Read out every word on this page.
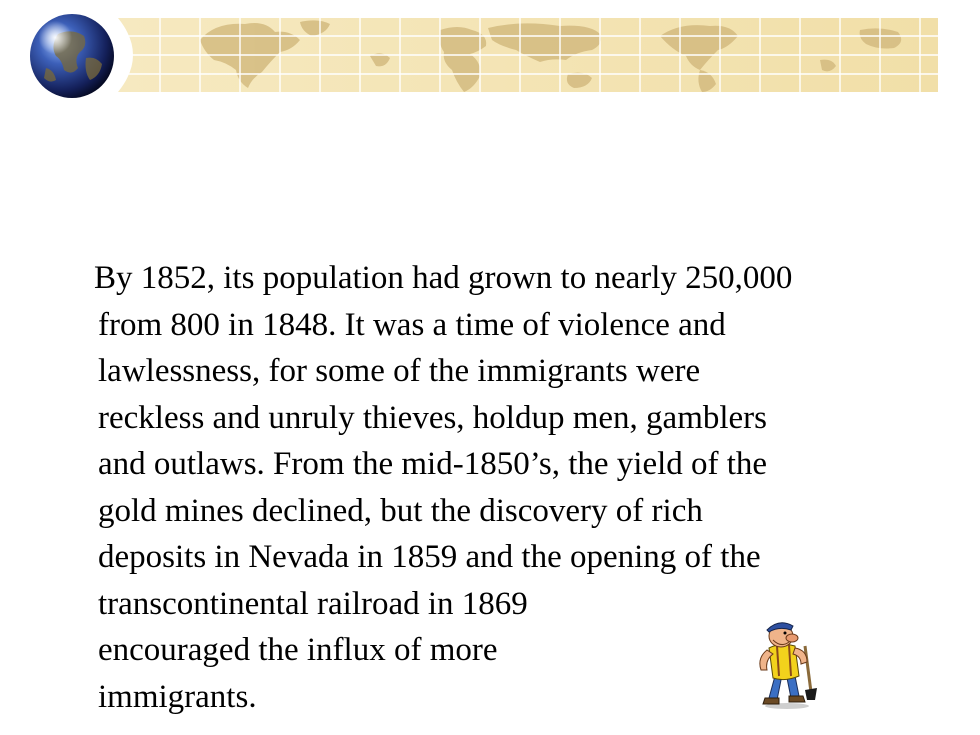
By 1852, its population had grown to nearly 250,000
from 800 in 1848. It was a time of violence and
lawlessness, for some of the immigrants were
reckless and unruly thieves, holdup men, gamblers
and outlaws. From the mid-1850’s, the yield of the
gold mines declined, but the discovery of rich
deposits in Nevada in 1859 and the opening of the
transcontinental railroad in 1869
encouraged the influx of more
immigrants.
